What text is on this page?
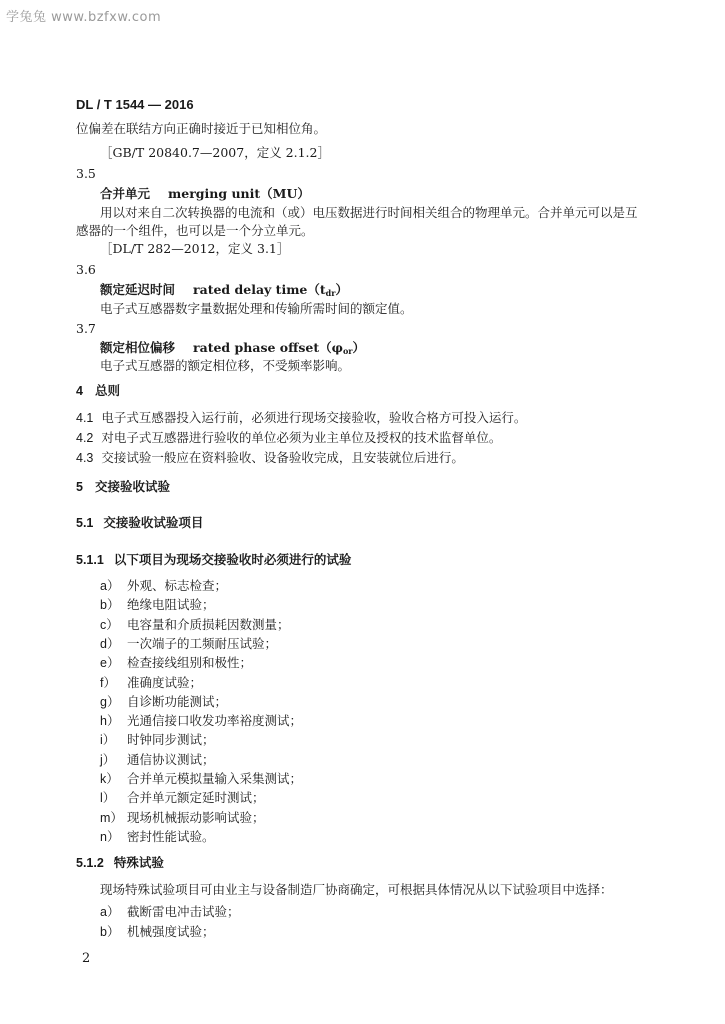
学兔兔 www.bzfxw.com
DL / T 1544 — 2016
位偏差在联结方向正确时接近于已知相位角。
［GB/T 20840.7—2007，定义 2.1.2］
3.5
合并单元 merging unit（MU）
用以对来自二次转换器的电流和（或）电压数据进行时间相关组合的物理单元。合并单元可以是互
感器的一个组件，也可以是一个分立单元。
［DL/T 282—2012，定义 3.1］
3.6
额定延迟时间 rated delay $time(t_{dr})$
电子式互感器数字量数据处理和传输所需时间的额定值。
3.7
额定相位偏移 rated phase $offset(\varphi_{or})$
电子式互感器的额定相位移，不受频率影响。
4 总则
4.1 电子式互感器投入运行前，必须进行现场交接验收，验收合格方可投入运行。
4.2 对电子式互感器进行验收的单位必须为业主单位及授权的技术监督单位。
4.3 交接试验一般应在资料验收、设备验收完成，且安装就位后进行。
5 交接验收试验
5.1 交接验收试验项目
5.1.1 以下项目为现场交接验收时必须进行的试验
a） 外观、标志检查；
b） 绝缘电阻试验；
c） 电容量和介质损耗因数测量；
d） 一次端子的工频耐压试验；
e） 检查接线组别和极性；
f） 准确度试验；
g） 自诊断功能测试；
h） 光通信接口收发功率裕度测试；
i） 时钟同步测试；
j） 通信协议测试；
k） 合并单元模拟量输入采集测试；
l） 合并单元额定延时测试；
m） 现场机械振动影响试验；
n） 密封性能试验。
5.1.2 特殊试验
现场特殊试验项目可由业主与设备制造厂协商确定，可根据具体情况从以下试验项目中选择：
a） 截断雷电冲击试验；
b） 机械强度试验；
2
